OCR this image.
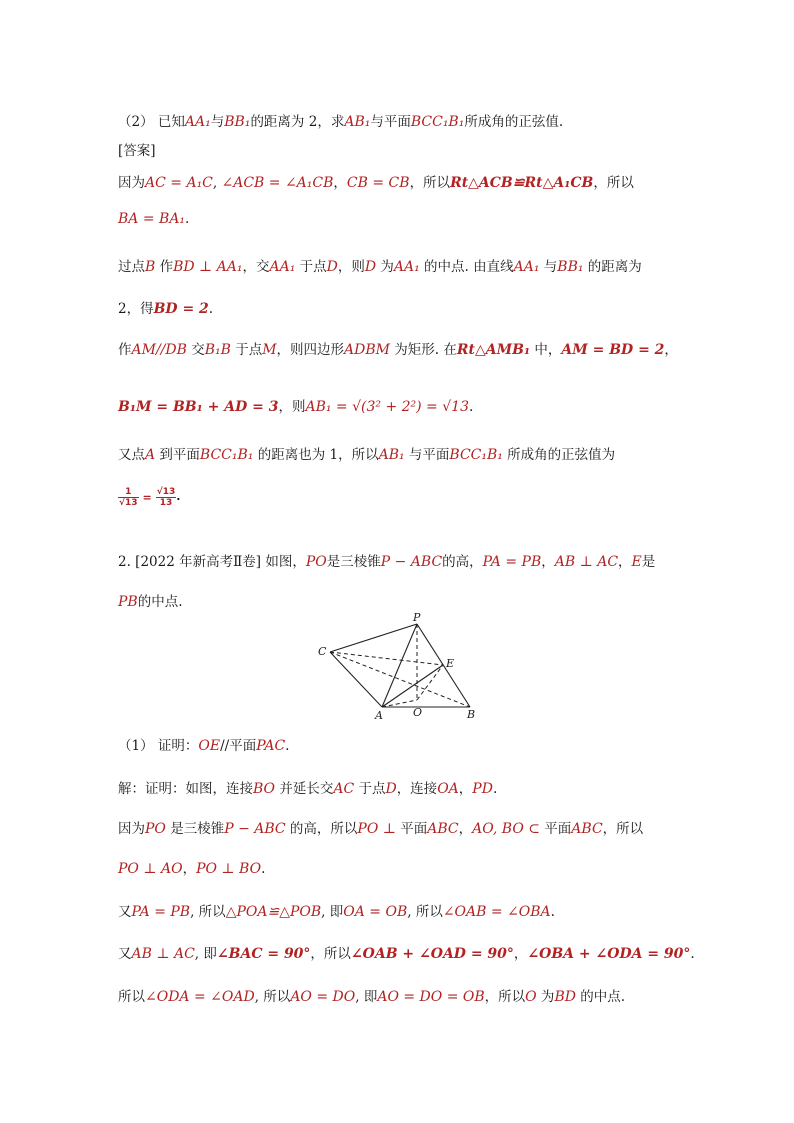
（2） 已知AA₁与BB₁的距离为 2，求AB₁与平面BCC₁B₁所成角的正弦值.
[答案]
因为AC = A₁C, ∠ACB = ∠A₁CB，CB = CB，所以Rt△ACB≌Rt△A₁CB，所以
BA = BA₁.
过点B 作BD ⊥ AA₁，交AA₁ 于点D，则D 为AA₁ 的中点. 由直线AA₁ 与BB₁ 的距离为
2，得BD = 2.
作AM//DB 交B₁B 于点M，则四边形ADBM 为矩形. 在Rt△AMB₁ 中，AM = BD = 2，
B₁M = BB₁ + AD = 3，则AB₁ = √(3² + 2²) = √13.
又点A 到平面BCC₁B₁ 的距离也为 1，所以AB₁ 与平面BCC₁B₁ 所成角的正弦值为
$\frac{1}{√13} = \frac{√13}{13}$ .
2. [2022 年新高考Ⅱ卷] 如图，PO是三棱锥P − ABC的高，PA = PB，AB ⊥ AC，E是
PB的中点.
P
C
E
A	O	B
（1） 证明：OE//平面PAC.
解：证明：如图，连接BO 并延长交AC 于点D，连接OA，PD.
因为PO 是三棱锥P − ABC 的高，所以PO ⊥ 平面ABC，AO, BO ⊂ 平面ABC，所以
PO ⊥ AO，PO ⊥ BO.
又PA = PB, 所以△POA≌△POB, 即OA = OB, 所以∠OAB = ∠OBA.
又AB ⊥ AC, 即∠BAC = 90°，所以∠OAB + ∠OAD = 90°，∠OBA + ∠ODA = 90°.
所以∠ODA = ∠OAD, 所以AO = DO, 即AO = DO = OB，所以O 为BD 的中点.
